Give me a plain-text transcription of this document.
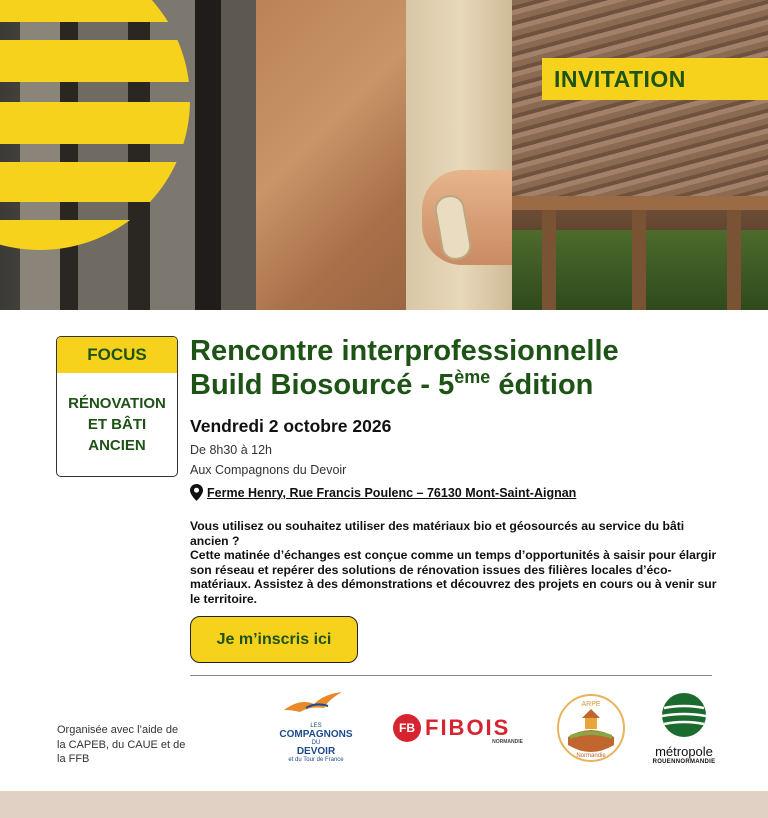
INVITATION
FOCUS
RÉNOVATION
ET BÂTI
ANCIEN
Rencontre interprofessionnelle
Build Biosourcé - 5ème édition
Vendredi 2 octobre 2026
De 8h30 à 12h
Aux Compagnons du Devoir
Ferme Henry, Rue Francis Poulenc – 76130 Mont-Saint-Aignan

Vous utilisez ou souhaitez utiliser des matériaux bio et géosourcés au service du bâti ancien ?

Cette matinée d’échanges est conçue comme un temps d’opportunités à saisir pour élargir son réseau et repérer des solutions de rénovation issues des filières locales d’éco-matériaux. Assistez à des démonstrations et découvrez des projets en cours ou à venir sur le territoire.

Je m’inscris ici
Organisée avec l’aide de la CAPEB, du CAUE et de la FFB
LES
COMPAGNONS
DU
DEVOIR
et du Tour de France
FB FIBOIS
NORMANDIE
ARPE
Normandie	métropole
ROUENNORMANDIE
